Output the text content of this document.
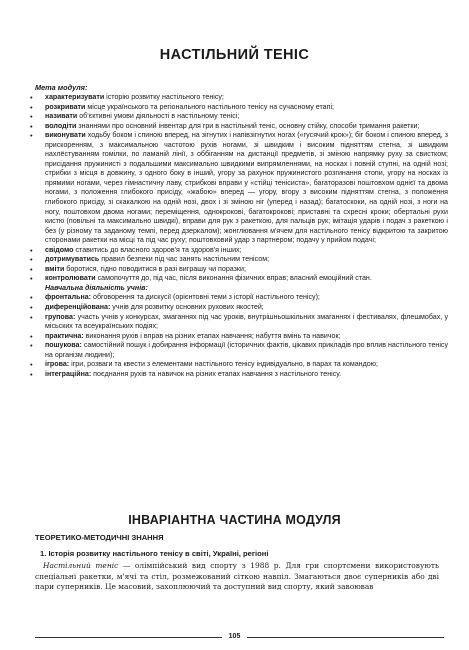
НАСТІЛЬНИЙ ТЕНІС
Мета модуля:
• характеризувати історію розвитку настільного тенісу;
• розкривати місце українського та регіонального настільного тенісу на сучасному етапі;
• називати об'єктивні умови діяльності в настільному тенісі;
• володіти знаннями про основний інвентар для гри в настільний теніс, основну стійку, способи тримання ракетки;
• виконувати ходьбу боком і спиною вперед, на зігнутих і напівзігнутих ногах («гусячий крок»); біг боком і спиною вперед, з прискоренням, з максимальною частотою рухів ногами, зі швидким і високим підняттям стегна, зі швидким нахлёстуванням гомілки, по ламаній лінії, з оббіганням на дистанції предметів, зі зміною напрямку руху за свистком; присідання пружинисті з подальшими максимально швидкими випрямленнями, на носках і повній ступні, на одній нозі; стрибки з місця в довжину, з одного боку в інший, угору за рахунок пружинистого розгинання стопи, угору на носках із прямими ногами, через гімнастичну лаву, стрибкові вправи у «стійці тенісиста», багаторазові поштовхом однієї та двома ногами, з положення глибокого присіду, «жабою» вперед — угору, вгору з високим підняттям стегна, з положення глибокого присіду, зі скакалкою на одній нозі, двох і зі зміною ніг (уперед і назад); багатоскоки, на одній нозі, з ноги на ногу, поштовхом двома ногами; переміщення, однокрокові, багатокрокові; приставні та схресні кроки; обертальні рухи кистю (повільні та максимально швидкі), вправи для рук з ракеткою, для пальців рук; імітація ударів і подач з ракеткою і без (у різному та заданому темпі, перед дзеркалом); жонглювання м'ячем для настільного тенісу відкритою та закритою сторонами ракетки на місці та під час руху; поштовховий удар з партнером; подачу у прийом подачі;
• свідомо ставитись до власного здоров'я та здоров'я інших;
• дотримуватись правил безпеки під час занять настільним тенісом;
• вміти боротися, гідно поводитися в разі виграшу чи поразки;
• контролювати самопочуття до, під час, після виконання фізичних вправ; власний емоційний стан.
Навчальна діяльність учнів:
• фронтальна: обговорення та дискусії (орієнтовні теми з історії настільного тенісу);
• диференційована: учнів для розвитку основних рухових якостей;
• групова: участь учнів у конкурсах, змаганнях під час уроків, внутрішньошкільних змаганнях і фестивалях, флешмобах, у місьских та всеукраїнських подіях;
• практична: виконання рухів і вправ на різних етапах навчання; набуття вмінь та навичок;
• пошукова: самостійний пошук і добирання інформації (історичних фактів, цікавих прикладів про вплив настільного тенісу на організм людини);
• ігрова: ігри, розваги та квести з елементами настільного тенісу індивідуально, в парах та командою;
• інтеграційна: поєднання рухів та навичок на різних етапах навчання з настільного тенісу.
ІНВАРІАНТНА ЧАСТИНА МОДУЛЯ
ТЕОРЕТИКО-МЕТОДИЧНІ ЗНАННЯ
1. Історія розвитку настільного тенісу в світі, Україні, регіоні

Настільний теніс — олімпійський вид спорту з 1988 р. Для гри спортсмени використовують спеціальні ракетки, м'ячі та стіл, розмежований сіткою навпіл. Змагаються двоє суперників або дві пари суперників. Це масовий, захоплюючий та доступний вид спорту, який завоював

105
